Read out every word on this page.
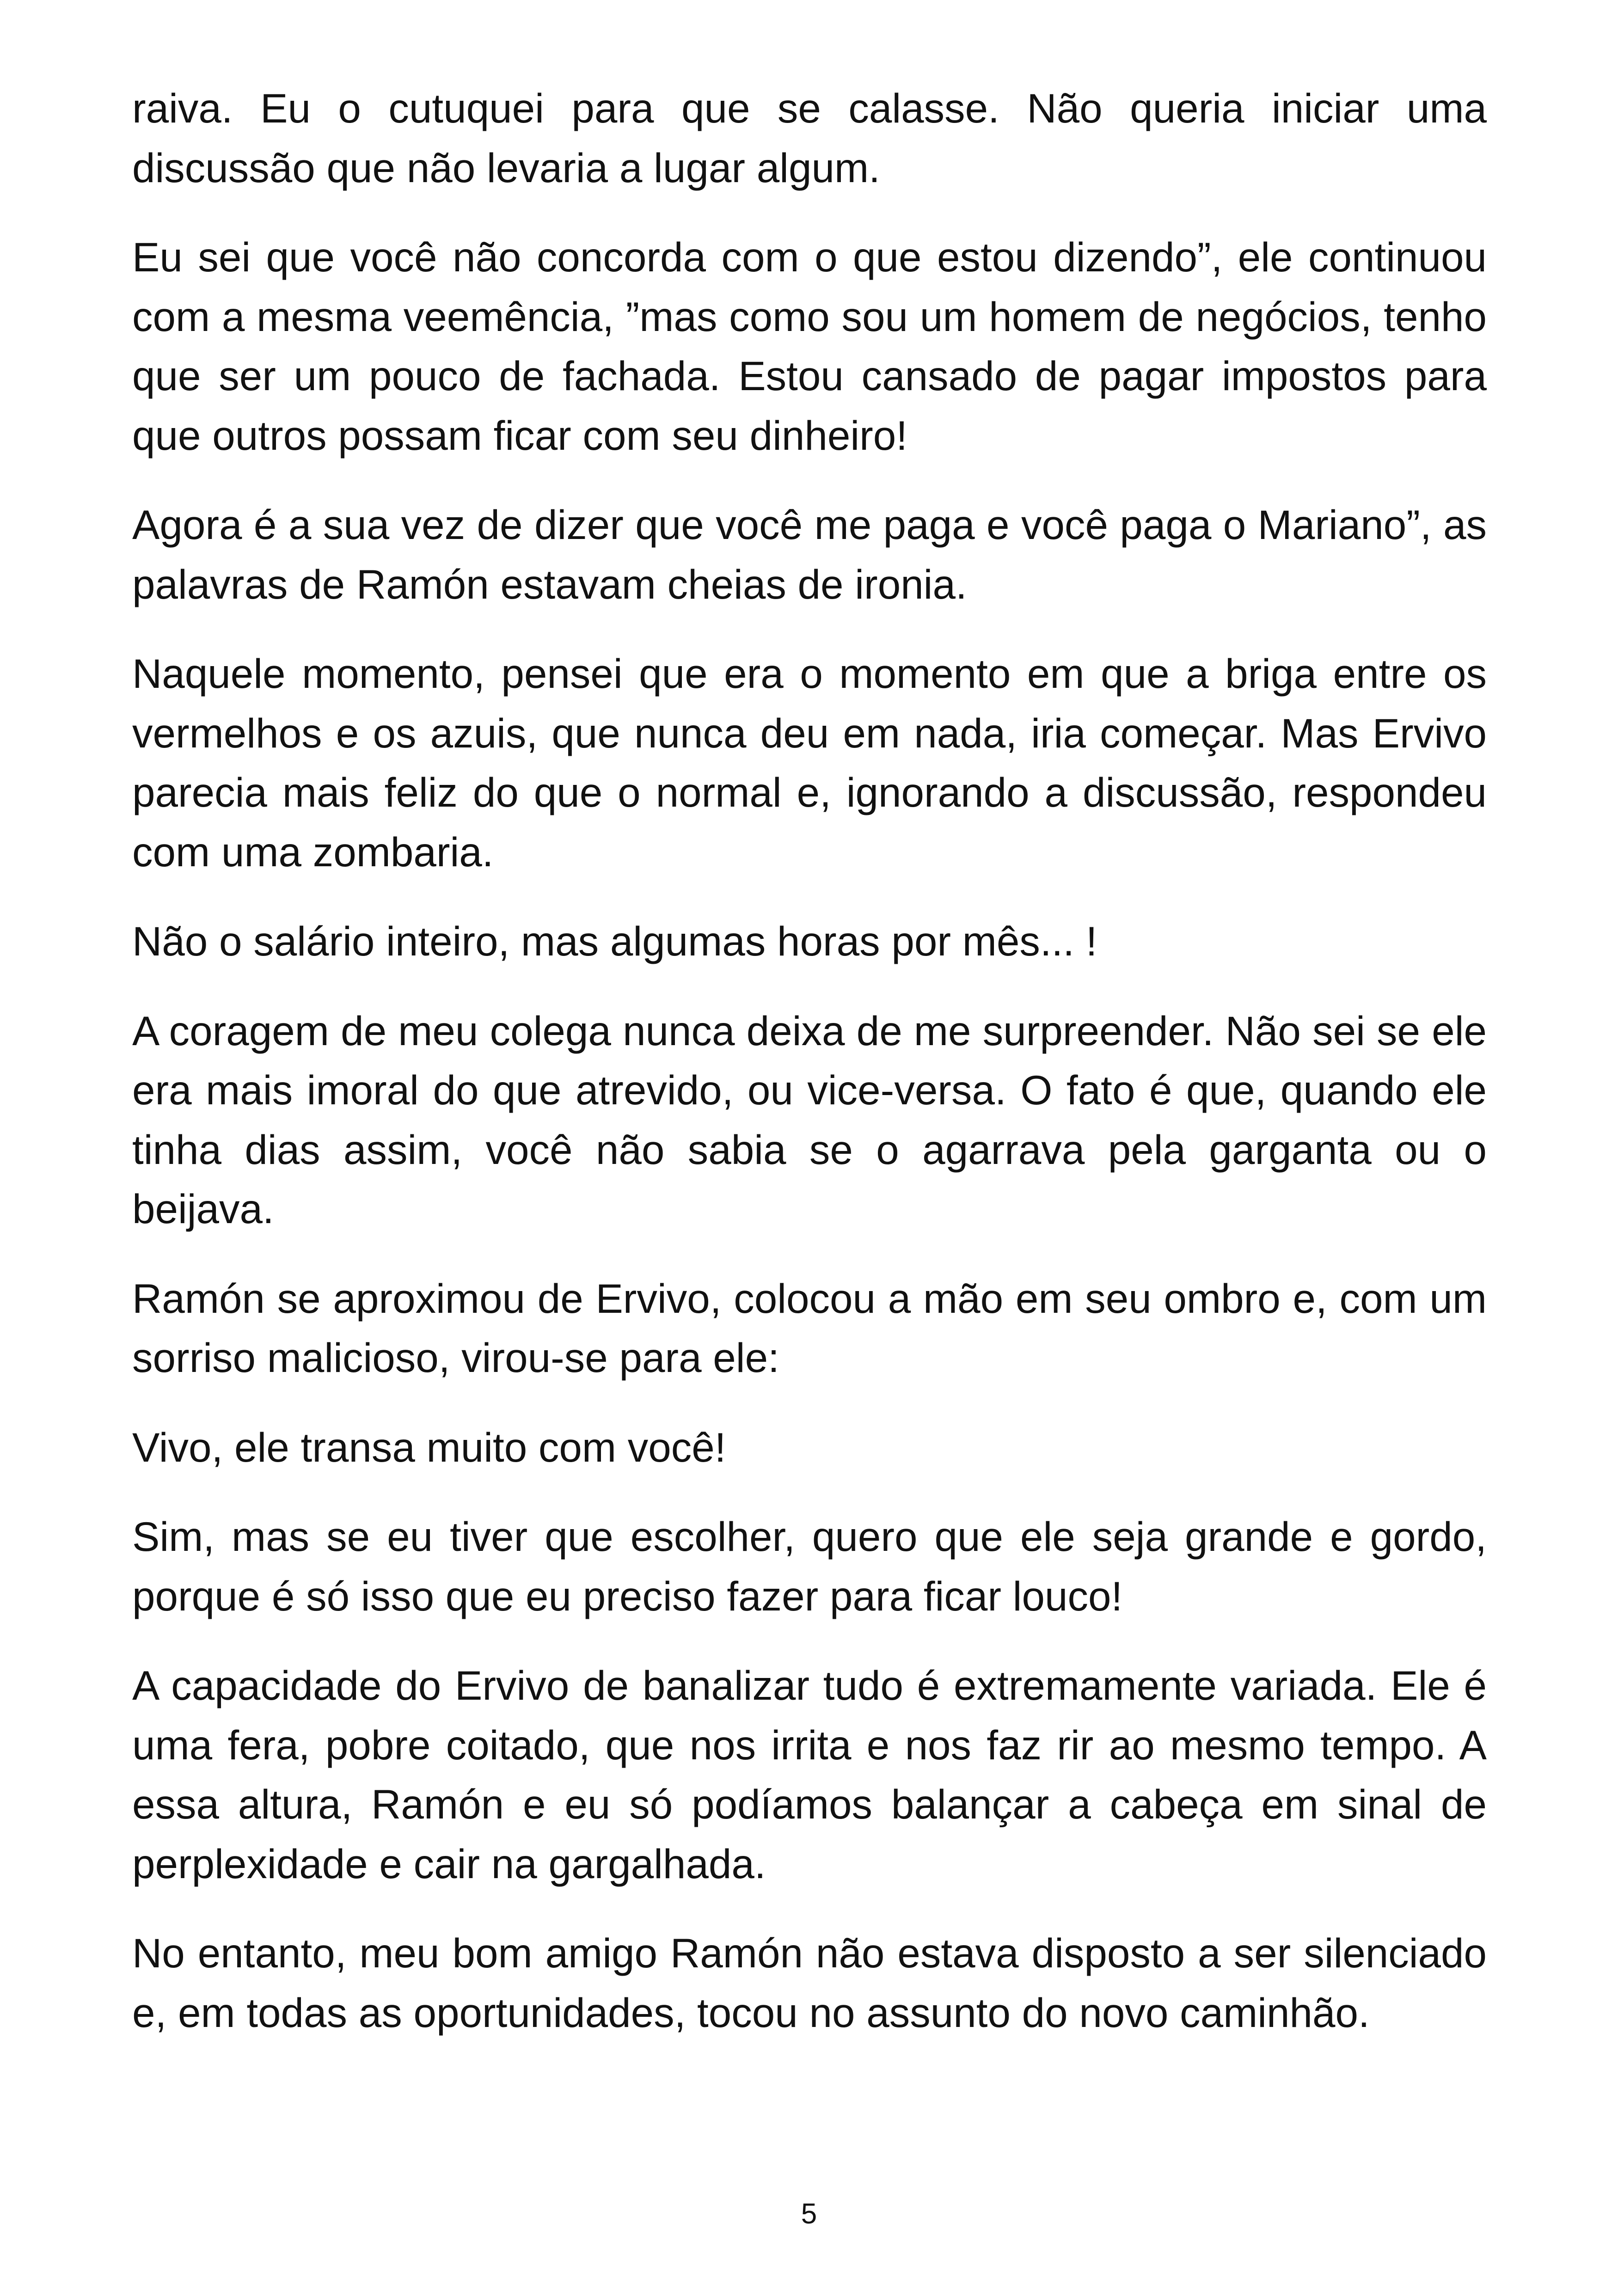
raiva. Eu o cutuquei para que se calasse. Não queria iniciar uma discussão que não levaria a lugar algum.

Eu sei que você não concorda com o que estou dizendo”, ele continuou com a mesma veemência, ”mas como sou um homem de negócios, tenho que ser um pouco de fachada. Estou cansado de pagar impostos para que outros possam ficar com seu dinheiro!

Agora é a sua vez de dizer que você me paga e você paga o Mariano”, as palavras de Ramón estavam cheias de ironia.

Naquele momento, pensei que era o momento em que a briga entre os vermelhos e os azuis, que nunca deu em nada, iria começar. Mas Ervivo parecia mais feliz do que o normal e, ignorando a discussão, respondeu com uma zombaria.

Não o salário inteiro, mas algumas horas por mês... !

A coragem de meu colega nunca deixa de me surpreender. Não sei se ele era mais imoral do que atrevido, ou vice-versa. O fato é que, quando ele tinha dias assim, você não sabia se o agarrava pela garganta ou o beijava.

Ramón se aproximou de Ervivo, colocou a mão em seu ombro e, com um sorriso malicioso, virou-se para ele:

Vivo, ele transa muito com você!

Sim, mas se eu tiver que escolher, quero que ele seja grande e gordo, porque é só isso que eu preciso fazer para ficar louco!

A capacidade do Ervivo de banalizar tudo é extremamente variada. Ele é uma fera, pobre coitado, que nos irrita e nos faz rir ao mesmo tempo. A essa altura, Ramón e eu só podíamos balançar a cabeça em sinal de perplexidade e cair na gargalhada.

No entanto, meu bom amigo Ramón não estava disposto a ser silenciado e, em todas as oportunidades, tocou no assunto do novo caminhão.

5
